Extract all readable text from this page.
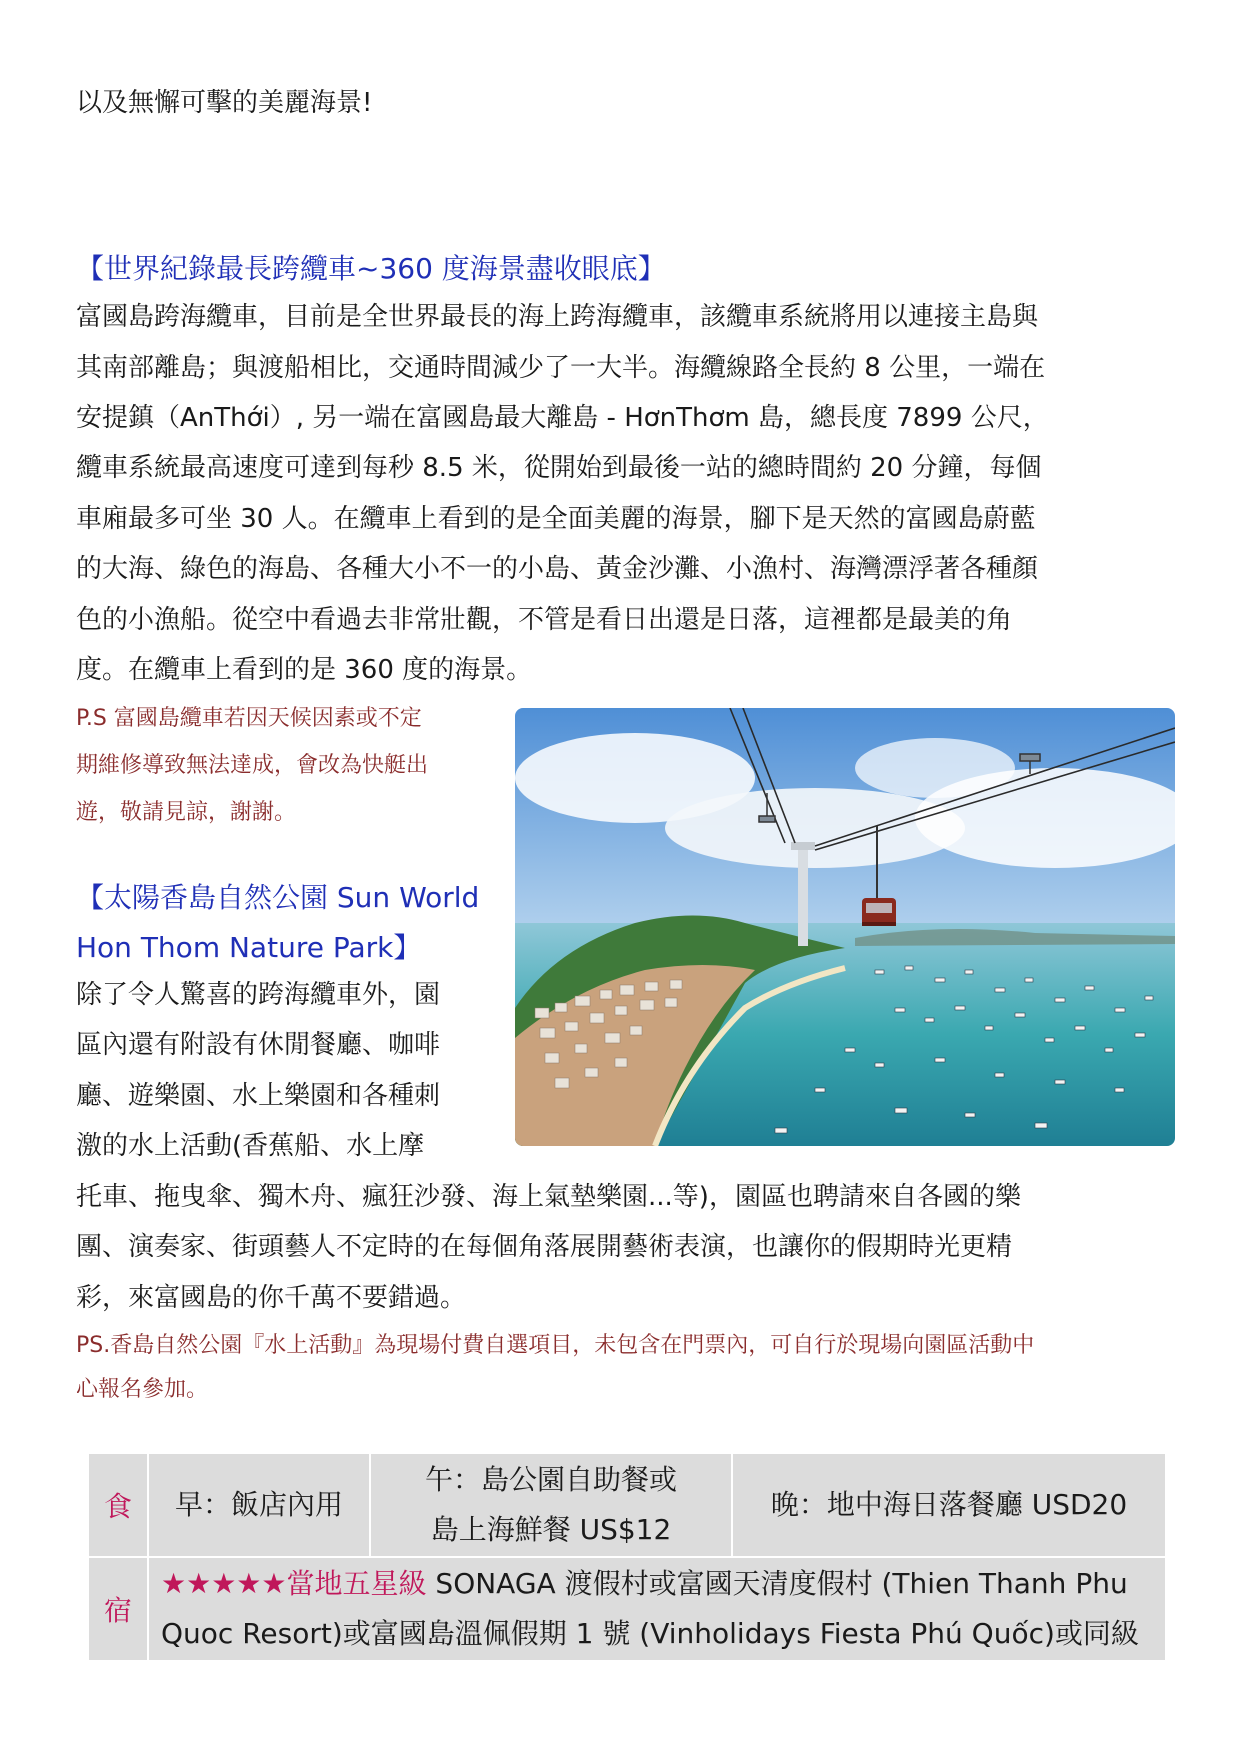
以及無懈可擊的美麗海景!
【世界紀錄最長跨纜車~360 度海景盡收眼底】
富國島跨海纜車，目前是全世界最長的海上跨海纜車，該纜車系統將用以連接主島與
其南部離島；與渡船相比，交通時間減少了一大半。海纜線路全長約 8 公里，一端在
安提鎮（AnThới）, 另一端在富國島最大離島 - HơnThơm 島，總長度 7899 公尺，
纜車系統最高速度可達到每秒 8.5 米，從開始到最後一站的總時間約 20 分鐘，每個
車廂最多可坐 30 人。在纜車上看到的是全面美麗的海景，腳下是天然的富國島蔚藍
的大海、綠色的海島、各種大小不一的小島、黃金沙灘、小漁村、海灣漂浮著各種顏
色的小漁船。從空中看過去非常壯觀，不管是看日出還是日落，這裡都是最美的角
度。在纜車上看到的是 360 度的海景。
P.S 富國島纜車若因天候因素或不定
期維修導致無法達成，會改為快艇出
遊，敬請見諒，謝謝。
【太陽香島自然公園 Sun World
Hon Thom Nature Park】
除了令人驚喜的跨海纜車外，園
區內還有附設有休閒餐廳、咖啡
廳、遊樂園、水上樂園和各種刺
激的水上活動(香蕉船、水上摩
托車、拖曳傘、獨木舟、瘋狂沙發、海上氣墊樂園...等)，園區也聘請來自各國的樂
團、演奏家、街頭藝人不定時的在每個角落展開藝術表演，也讓你的假期時光更精
彩，來富國島的你千萬不要錯過。
PS.香島自然公園『水上活動』為現場付費自選項目，未包含在門票內，可自行於現場向園區活動中
心報名參加。
食	早：飯店內用	午：島公園自助餐或
島上海鮮餐 US$12	晚：地中海日落餐廳 USD20
宿	★★★★★當地五星級 SONAGA 渡假村或富國天清度假村 (Thien Thanh Phu
Quoc Resort)或富國島溫佩假期 1 號 (Vinholidays Fiesta Phú Quốc)或同級		
